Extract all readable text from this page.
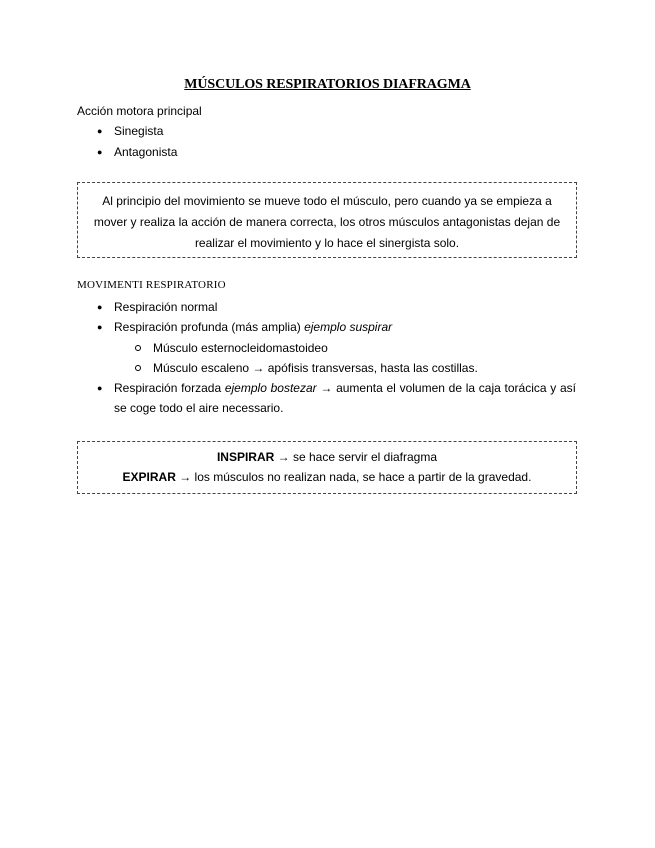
MÚSCULOS RESPIRATORIOS DIAFRAGMA
Acción motora principal
● Sinegista
● Antagonista
Al principio del movimiento se mueve todo el músculo, pero cuando ya se empieza a mover y realiza la acción de manera correcta, los otros músculos antagonistas dejan de realizar el movimiento y lo hace el sinergista solo.
MOVIMENTI RESPIRATORIO
● Respiración normal
● Respiración profunda (más amplia) ejemplo suspirar
Músculo esternocleidomastoideo
Músculo escaleno → apófisis transversas, hasta las costillas.
● Respiración forzada ejemplo bostezar → aumenta el volumen de la caja torácica y así se coge todo el aire necessario.
INSPIRAR → se hace servir el diafragma
EXPIRAR → los músculos no realizan nada, se hace a partir de la gravedad.
